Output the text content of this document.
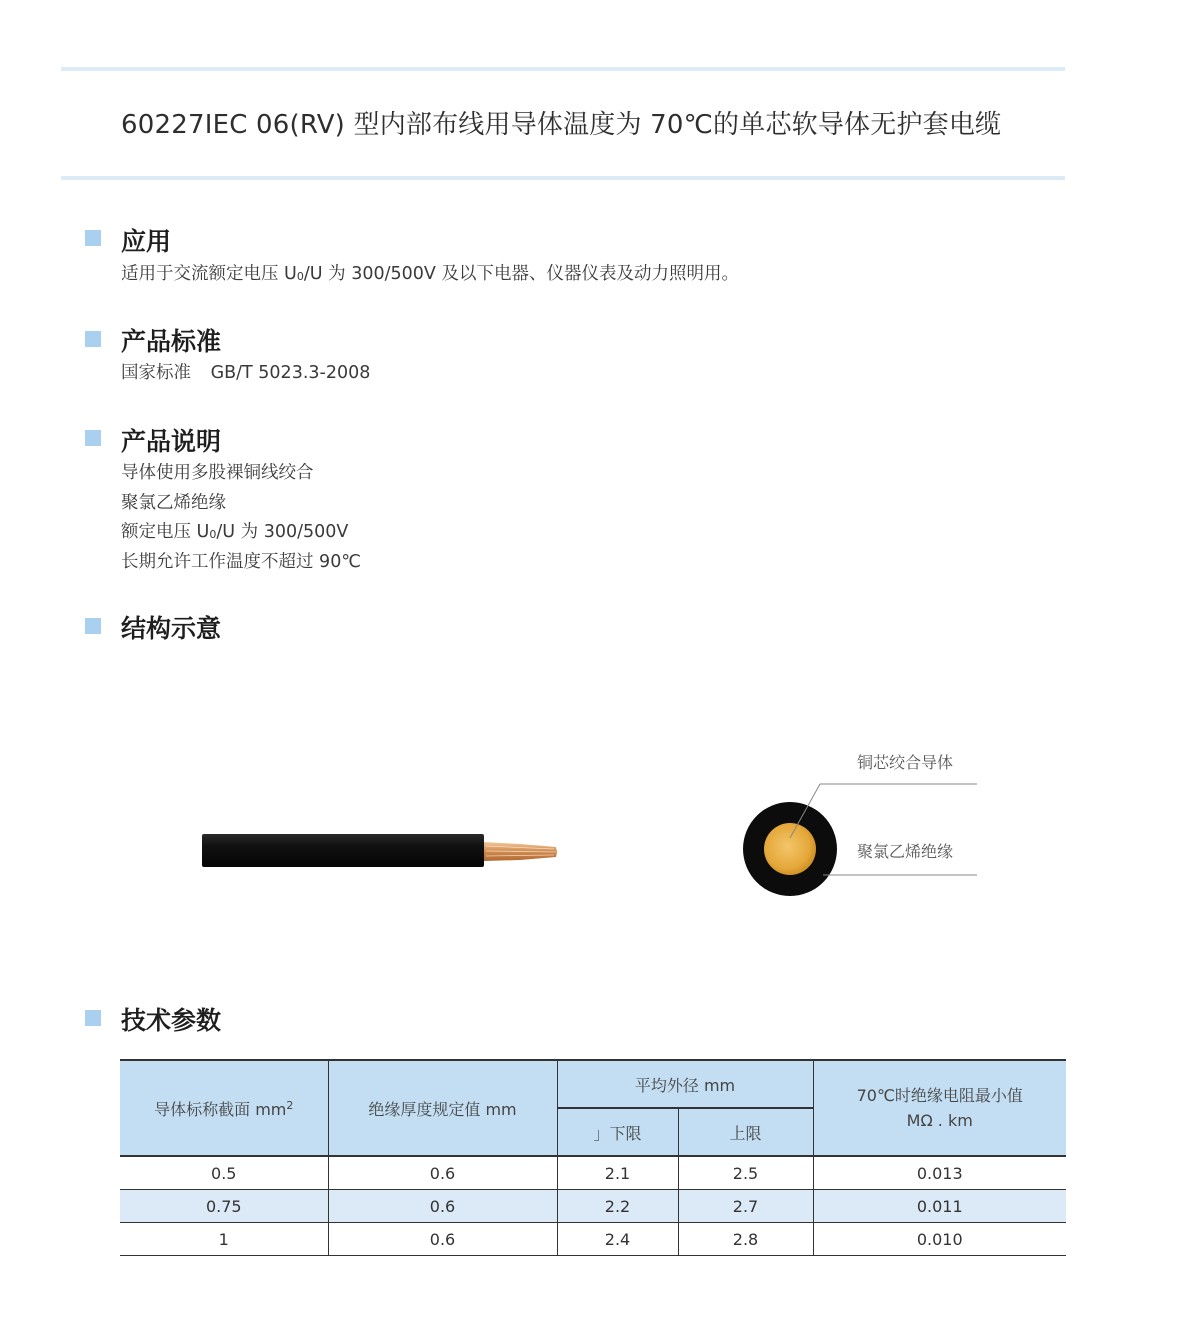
60227IEC 06(RV) 型内部布线用导体温度为 70℃的单芯软导体无护套电缆
应用
适用于交流额定电压 U0/U 为 300/500V 及以下电器、仪器仪表及动力照明用。
产品标准
国家标准 GB/T 5023.3-2008
产品说明
导体使用多股裸铜线绞合
聚氯乙烯绝缘
额定电压 U0/U 为 300/500V
长期允许工作温度不超过 90℃
结构示意
铜芯绞合导体
聚氯乙烯绝缘
技术参数
导体标称截面 $mm^2$	绝缘厚度规定值 mm	平均外径 mm		70℃时绝缘电阻最小值
MΩ . km
		」下限	上限	
0.5	0.6	2.1	2.5	0.013
0.75	0.6	2.2	2.7	0.011
1	0.6	2.4	2.8	0.010
